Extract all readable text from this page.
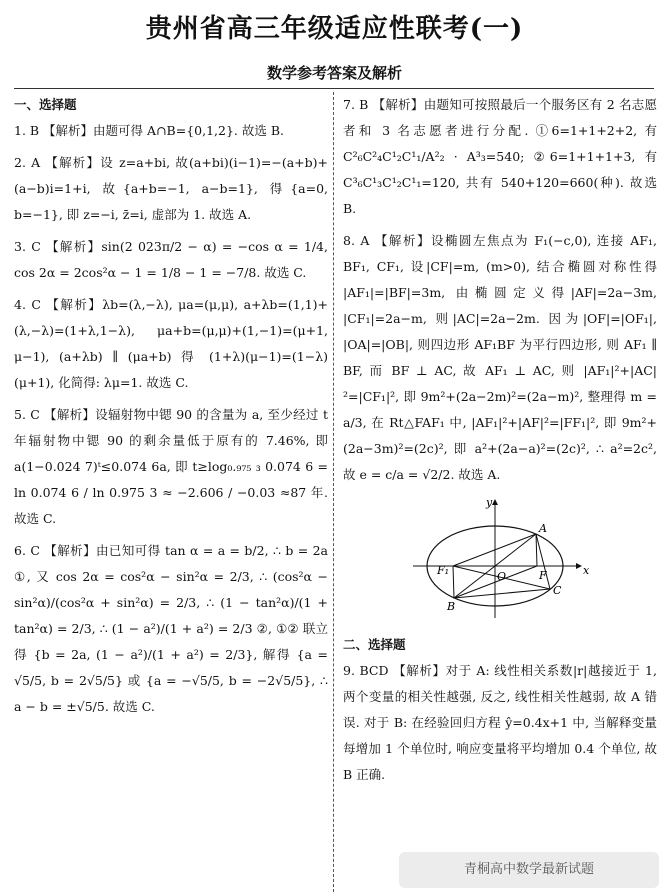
贵州省高三年级适应性联考(一)
数学参考答案及解析

一、选择题

1. B 【解析】由题可得 A∩B={0,1,2}. 故选 B.

2. A 【解析】设 z=a+bi, 故(a+bi)(i−1)=−(a+b)+(a−b)i=1+i, 故{a+b=−1, a−b=1}, 得{a=0, b=−1}, 即 z=−i, z̄=i, 虚部为 1. 故选 A.

3. C 【解析】sin(2 023π/2 − α) = −cos α = 1/4, cos 2α = 2cos²α − 1 = 1/8 − 1 = −7/8. 故选 C.

4. C 【解析】λb=(λ,−λ), μa=(μ,μ), a+λb=(1,1)+(λ,−λ)=(1+λ,1−λ), μa+b=(μ,μ)+(1,−1)=(μ+1, μ−1), (a+λb) ∥ (μa+b) 得 (1+λ)(μ−1)=(1−λ)(μ+1), 化简得: λμ=1. 故选 C.

5. C 【解析】设辐射物中锶 90 的含量为 a, 至少经过 t 年辐射物中锶 90 的剩余量低于原有的 7.46%, 即 a(1−0.024 7)ᵗ≤0.074 6a, 即 t≥log₀.₉₇₅ ₃ 0.074 6 = ln 0.074 6 / ln 0.975 3 ≈ −2.606 / −0.03 ≈87 年. 故选 C.

6. C 【解析】由已知可得 tan α = a = b/2, ∴ b = 2a ①, 又 cos 2α = cos²α − sin²α = 2/3, ∴ (cos²α − sin²α)/(cos²α + sin²α) = 2/3, ∴ (1 − tan²α)/(1 + tan²α) = 2/3, ∴ (1 − a²)/(1 + a²) = 2/3 ②, ①② 联立得 {b = 2a, (1 − a²)/(1 + a²) = 2/3}, 解得 {a = √5/5, b = 2√5/5} 或 {a = −√5/5, b = −2√5/5}, ∴ a − b = ±√5/5. 故选 C.

7. B 【解析】由题知可按照最后一个服务区有 2 名志愿者和 3 名志愿者进行分配. ①6=1+1+2+2, 有 C²₆C²₄C¹₂C¹₁/A²₂ · A³₃=540; ②6=1+1+1+3, 有 C³₆C¹₃C¹₂C¹₁=120, 共有 540+120=660(种). 故选 B.

8. A 【解析】设椭圆左焦点为 F₁(−c,0), 连接 AF₁, BF₁, CF₁, 设|CF|=m, (m>0), 结合椭圆对称性得 |AF₁|=|BF|=3m, 由椭圆定义得|AF|=2a−3m, |CF₁|=2a−m, 则|AC|=2a−2m. 因为|OF|=|OF₁|, |OA|=|OB|, 则四边形 AF₁BF 为平行四边形, 则 AF₁ ∥ BF, 而 BF ⊥ AC, 故 AF₁ ⊥ AC, 则 |AF₁|²+|AC|²=|CF₁|², 即 9m²+(2a−2m)²=(2a−m)², 整理得 m = a/3, 在 Rt△FAF₁ 中, |AF₁|²+|AF|²=|FF₁|², 即 9m²+(2a−3m)²=(2c)², 即 a²+(2a−a)²=(2c)², ∴ a²=2c², 故 e = c/a = √2/2. 故选 A.

y
x
A
B
C
F
F₁	O

二、选择题

9. BCD 【解析】对于 A: 线性相关系数|r|越接近于 1, 两个变量的相关性越强, 反之, 线性相关性越弱, 故 A 错误. 对于 B: 在经验回归方程 ŷ=0.4x+1 中, 当解释变量每增加 1 个单位时, 响应变量将平均增加 0.4 个单位, 故 B 正确.

青桐高中数学最新试题
